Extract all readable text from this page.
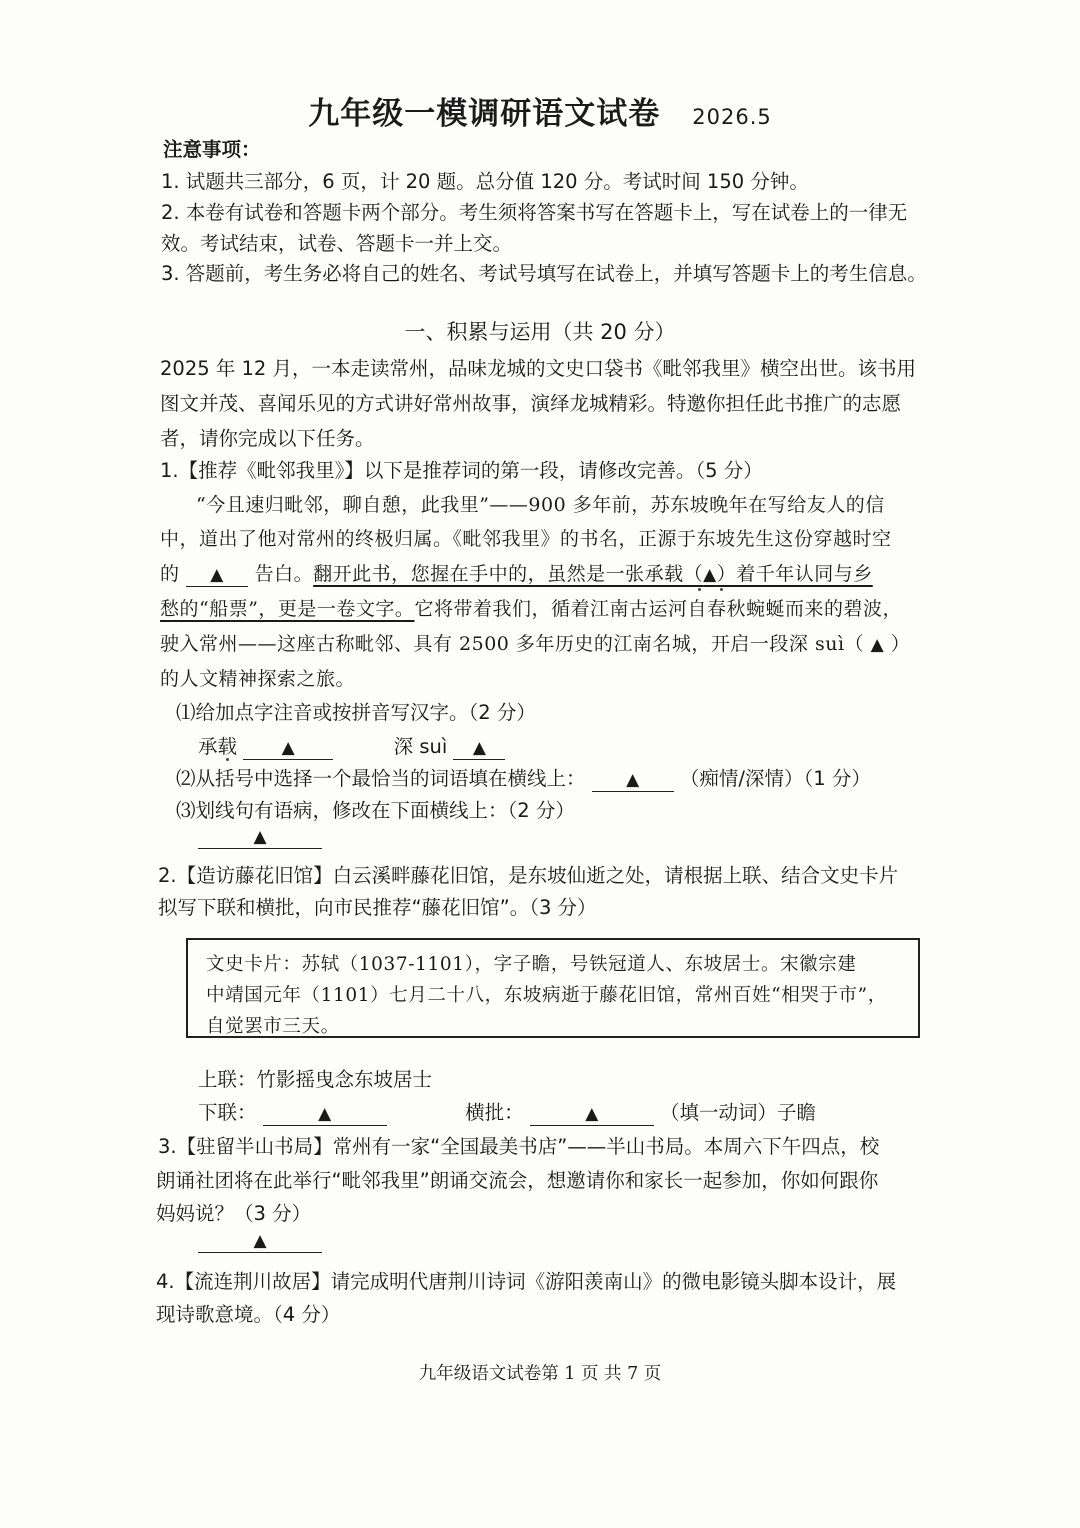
九年级一模调研语文试卷 2026.5
注意事项：
1. 试题共三部分，6 页，计 20 题。总分值 120 分。考试时间 150 分钟。
2. 本卷有试卷和答题卡两个部分。考生须将答案书写在答题卡上，写在试卷上的一律无
效。考试结束，试卷、答题卡一并上交。
3. 答题前，考生务必将自己的姓名、考试号填写在试卷上，并填写答题卡上的考生信息。
一、积累与运用（共 20 分）
2025 年 12 月，一本走读常州，品味龙城的文史口袋书《毗邻我里》横空出世。该书用
图文并茂、喜闻乐见的方式讲好常州故事，演绎龙城精彩。特邀你担任此书推广的志愿
者，请你完成以下任务。
1.【推荐《毗邻我里》】以下是推荐词的第一段，请修改完善。（5 分）
“今且速归毗邻，聊自憩，此我里”——900 多年前，苏东坡晚年在写给友人的信
中，道出了他对常州的终极归属。《毗邻我里》的书名，正源于东坡先生这份穿越时空
的 ▲ 告白。翻开此书，您握在手中的，虽然是一张承载（▲）着千年认同与乡
愁的“船票”，更是一卷文字。它将带着我们，循着江南古运河自春秋蜿蜒而来的碧波，
驶入常州——这座古称毗邻、具有 2500 多年历史的江南名城，开启一段深 suì（ ▲ ）
的人文精神探索之旅。
⑴给加点字注音或按拼音写汉字。（2 分）
承载	▲	深 suì ▲
⑵从括号中选择一个最恰当的词语填在横线上： ▲ （痴情/深情）（1 分）
⑶划线句有语病，修改在下面横线上：（2 分）
▲
2.【造访藤花旧馆】白云溪畔藤花旧馆，是东坡仙逝之处，请根据上联、结合文史卡片
拟写下联和横批，向市民推荐“藤花旧馆”。（3 分）
文史卡片：苏轼（1037-1101），字子瞻，号铁冠道人、东坡居士。宋徽宗建
中靖国元年（1101）七月二十八，东坡病逝于藤花旧馆，常州百姓“相哭于市”，
自觉罢市三天。
上联：竹影摇曳念东坡居士
下联：	▲	横批：	▲	（填一动词）子瞻
3.【驻留半山书局】常州有一家“全国最美书店”——半山书局。本周六下午四点，校
朗诵社团将在此举行“毗邻我里”朗诵交流会，想邀请你和家长一起参加，你如何跟你
妈妈说？（3 分）
▲
4.【流连荆川故居】请完成明代唐荆川诗词《游阳羡南山》的微电影镜头脚本设计，展
现诗歌意境。（4 分）
九年级语文试卷第 1 页 共 7 页
